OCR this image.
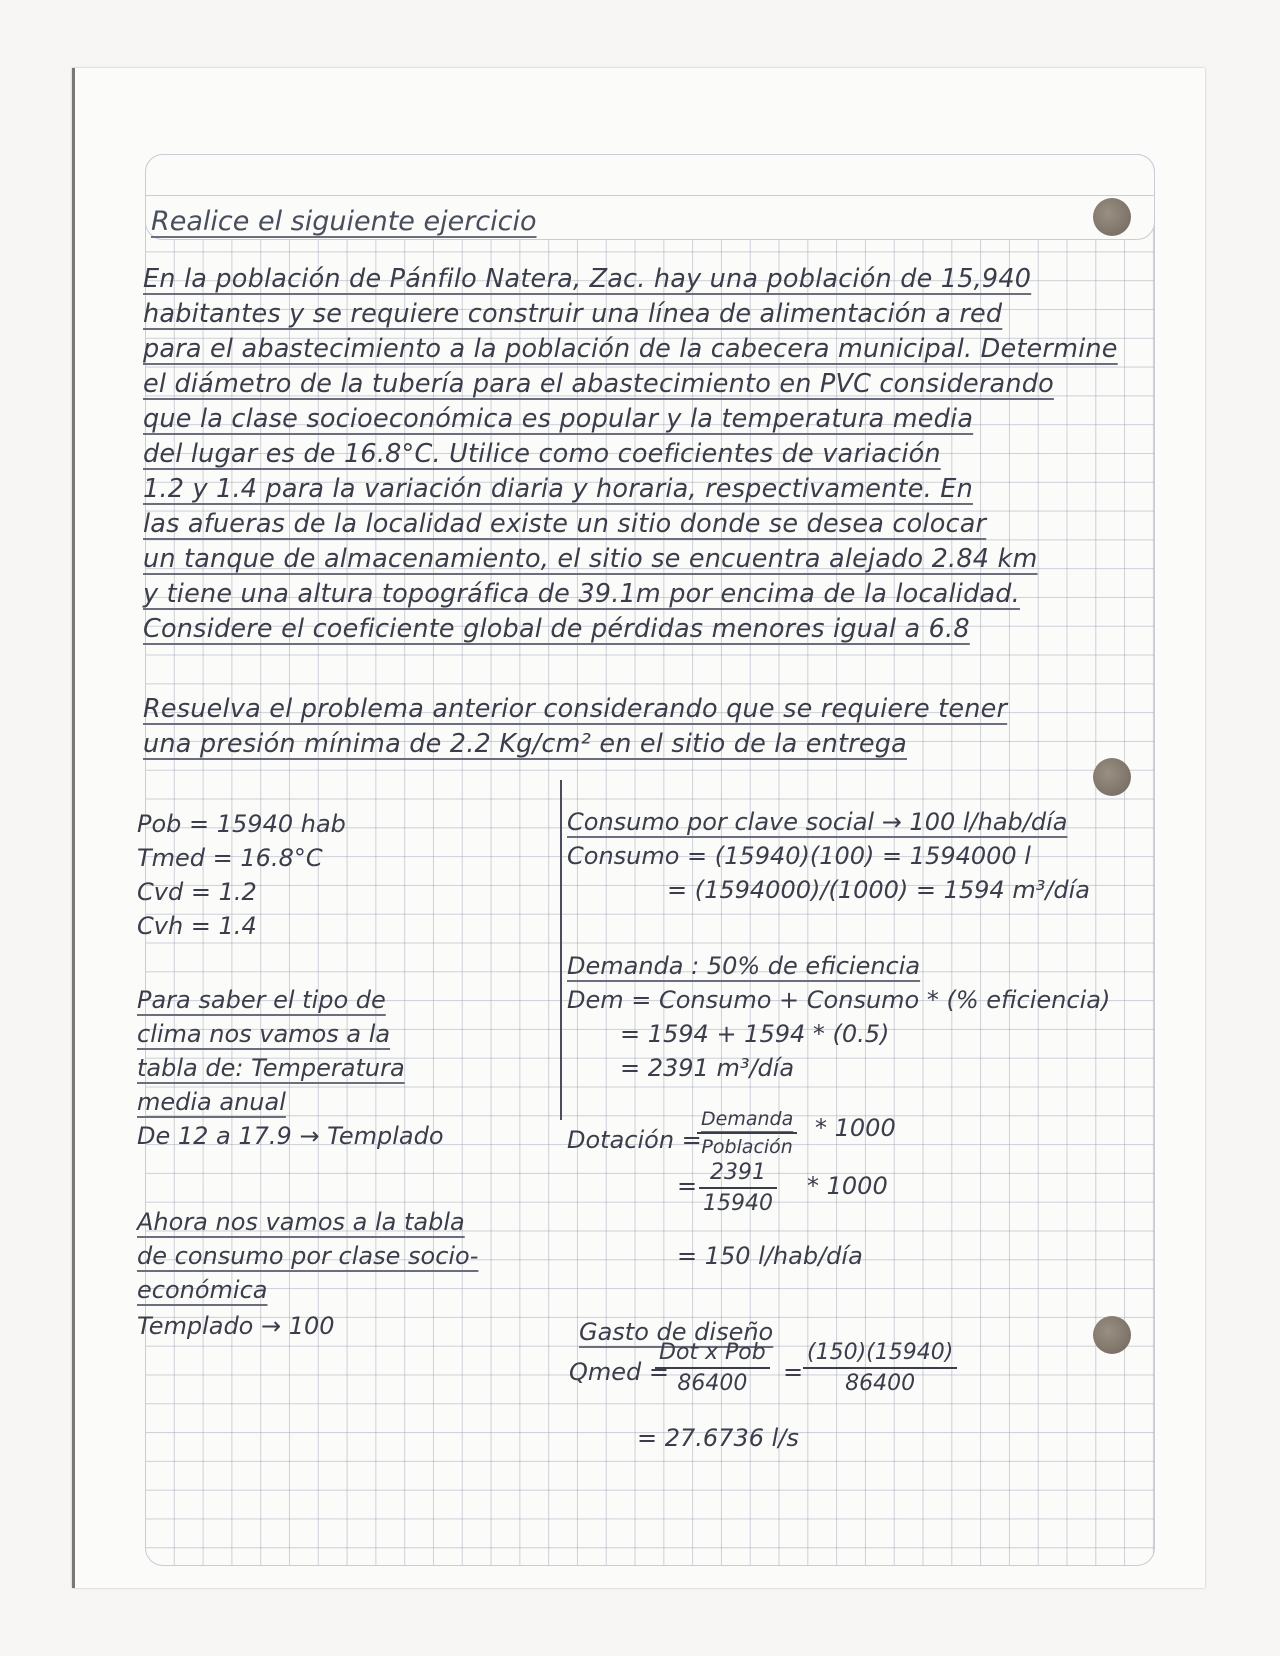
Realice el siguiente ejercicio
En la población de Pánfilo Natera, Zac. hay una población de 15,940
habitantes y se requiere construir una línea de alimentación a red
para el abastecimiento a la población de la cabecera municipal. Determine
el diámetro de la tubería para el abastecimiento en PVC considerando
que la clase socioeconómica es popular y la temperatura media
del lugar es de 16.8°C. Utilice como coeficientes de variación
1.2 y 1.4 para la variación diaria y horaria, respectivamente. En
las afueras de la localidad existe un sitio donde se desea colocar
un tanque de almacenamiento, el sitio se encuentra alejado 2.84 km
y tiene una altura topográfica de 39.1m por encima de la localidad.
Considere el coeficiente global de pérdidas menores igual a 6.8
Resuelva el problema anterior considerando que se requiere tener
una presión mínima de 2.2 Kg/cm² en el sitio de la entrega
Pob = 15940 hab
Tmed = 16.8°C
Cvd = 1.2
Cvh = 1.4
Para saber el tipo de
clima nos vamos a la
tabla de: Temperatura
media anual
De 12 a 17.9 → Templado
Ahora nos vamos a la tabla
de consumo por clase socio-
económica
Templado → 100
Consumo por clave social → 100 l/hab/día
Consumo = (15940)(100) = 1594000 l
= (1594000)/(1000) = 1594 m³/día
Demanda : 50% de eficiencia
Dem = Consumo + Consumo * (% eficiencia)
= 1594 + 1594 * (0.5)
= 2391 m³/día
Dotación =
Demanda
Población
* 1000
= $\frac{2391}{15940} * 1000$
= 150 l/hab/día
Gasto de diseño
Qmed =
Dot x Pob
86400	= $\frac{(150)(15940)}{86400}$
= 27.6736 l/s
